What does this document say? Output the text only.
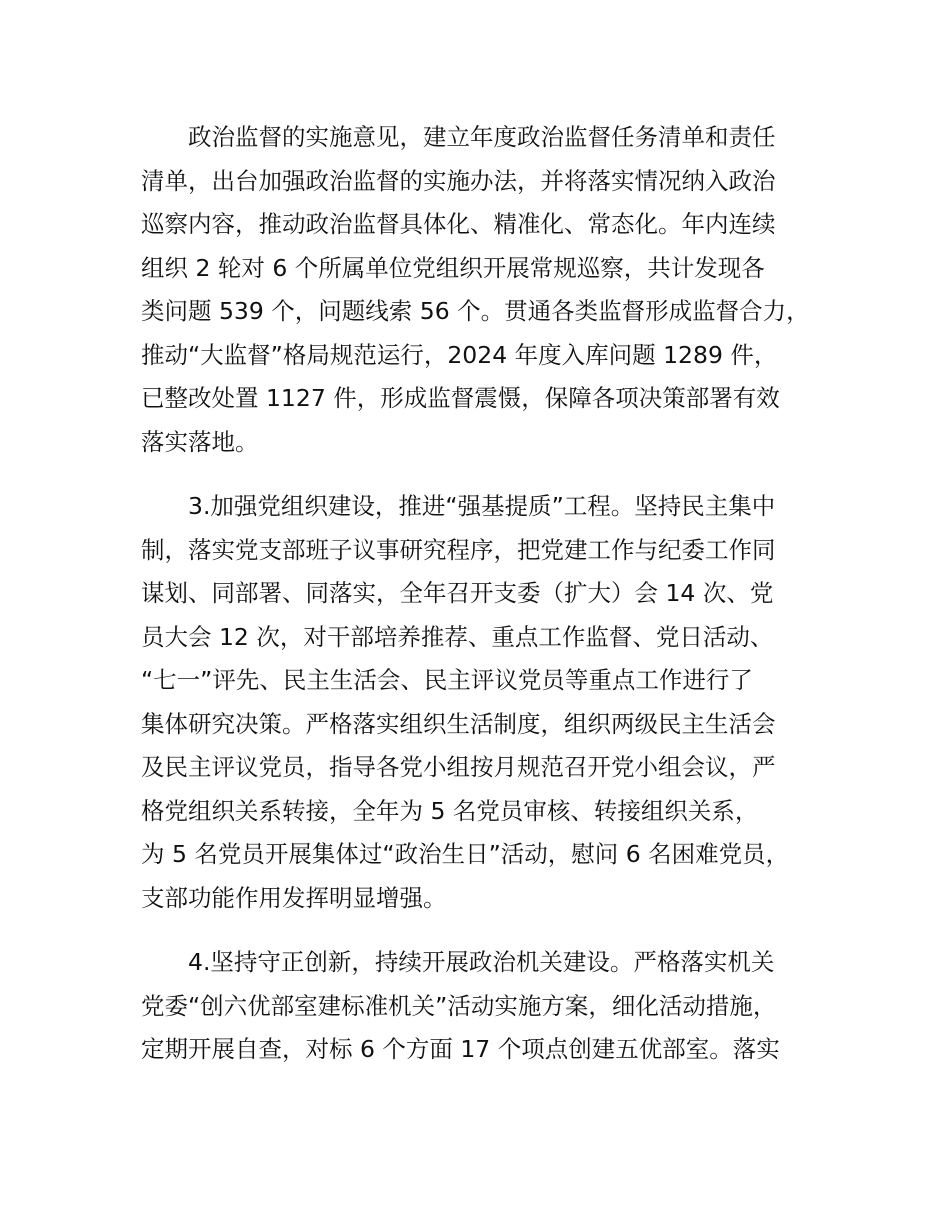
政治监督的实施意见，建立年度政治监督任务清单和责任
清单，出台加强政治监督的实施办法，并将落实情况纳入政治
巡察内容，推动政治监督具体化、精准化、常态化。年内连续
组织 2 轮对 6 个所属单位党组织开展常规巡察，共计发现各
类问题 539 个，问题线索 56 个。贯通各类监督形成监督合力，
推动“大监督”格局规范运行，2024 年度入库问题 1289 件，
已整改处置 1127 件，形成监督震慑，保障各项决策部署有效
落实落地。

3.加强党组织建设，推进“强基提质”工程。坚持民主集中
制，落实党支部班子议事研究程序，把党建工作与纪委工作同
谋划、同部署、同落实，全年召开支委（扩大）会 14 次、党
员大会 12 次，对干部培养推荐、重点工作监督、党日活动、
“七一”评先、民主生活会、民主评议党员等重点工作进行了
集体研究决策。严格落实组织生活制度，组织两级民主生活会
及民主评议党员，指导各党小组按月规范召开党小组会议，严
格党组织关系转接，全年为 5 名党员审核、转接组织关系，
为 5 名党员开展集体过“政治生日”活动，慰问 6 名困难党员，
支部功能作用发挥明显增强。

4.坚持守正创新，持续开展政治机关建设。严格落实机关
党委“创六优部室建标准机关”活动实施方案，细化活动措施，
定期开展自查，对标 6 个方面 17 个项点创建五优部室。落实
